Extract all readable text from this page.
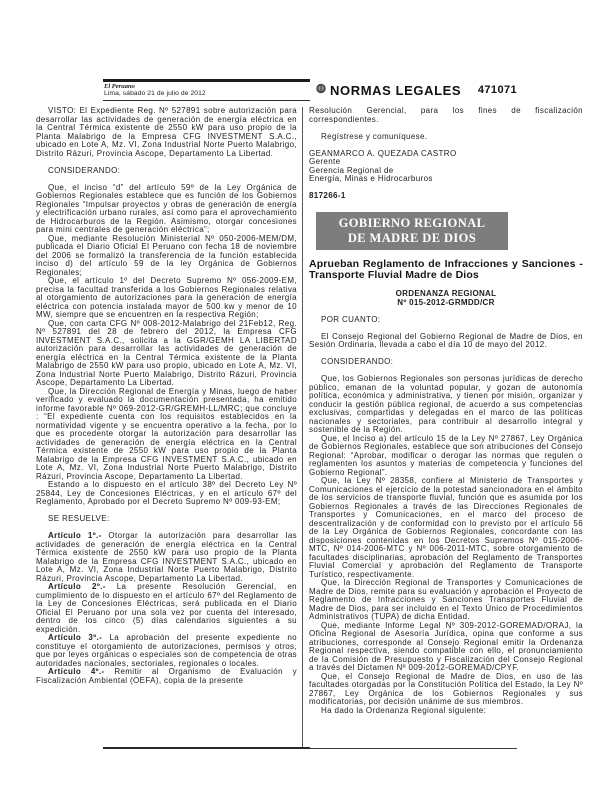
El Peruano
Lima, sábado 21 de julio de 2012	NORMAS LEGALES	471071

VISTO: El Expediente Reg. Nº 527891 sobre autorización para desarrollar las actividades de generación de energía eléctrica en la Central Térmica existente de 2550 kW para uso propio de la Planta Malabrigo de la Empresa CFG INVESTMENT S.A.C., ubicado en Lote A, Mz. VI, Zona Industrial Norte Puerto Malabrigo, Distrito Rázuri, Provincia Ascope, Departamento La Libertad.

CONSIDERANDO:

Que, el inciso “d” del artículo 59º de la Ley Orgánica de Gobiernos Regionales establece que es función de los Gobiernos Regionales “Impulsar proyectos y obras de generación de energía y electrificación urbano rurales, así como para el aprovechamiento de Hidrocarburos de la Región. Asimismo, otorgar concesiones para mini centrales de generación eléctrica”;

Que, mediante Resolución Ministerial Nº 050-2006-MEM/DM, publicada el Diario Oficial El Peruano con fecha 18 de noviembre del 2006 se formalizó la transferencia de la función establecida inciso d) del artículo 59 de la ley Orgánica de Gobiernos Regionales;

Que, el artículo 1º del Decreto Supremo Nº 056-2009-EM, precisa la facultad transferida a los Gobiernos Regionales relativa al otorgamiento de autorizaciones para la generación de energía eléctrica con potencia instalada mayor de 500 kw y menor de 10 MW, siempre que se encuentren en la respectiva Región;

Que, con carta CFG Nº 008-2012-Malabrigo del 21Feb12, Reg. Nº 527891 del 28 de febrero del 2012, la Empresa CFG INVESTMENT S.A.C., solicita a la GGR/GEMH LA LIBERTAD autorización para desarrollar las actividades de generación de energía eléctrica en la Central Térmica existente de la Planta Malabrigo de 2550 kW para uso propio, ubicado en Lote A, Mz. VI, Zona Industrial Norte Puerto Malabrigo, Distrito Rázuri, Provincia Ascope, Departamento La Libertad.

Que, la Dirección Regional de Energía y Minas, luego de haber verificado y evaluado la documentación presentada, ha emitido informe favorable Nº 069-2012-GR/GREMH-LL/MRC; que concluye : “El expediente cuenta con los requisitos establecidos en la normatividad vigente y se encuentra operativo a la fecha, por lo que es procedente otorgar la autorización para desarrollar las actividades de generación de energía eléctrica en la Central Térmica existente de 2550 kW para uso propio de la Planta Malabrigo de la Empresa CFG INVESTMENT S.A.C., ubicado en Lote A, Mz. VI, Zona Industrial Norte Puerto Malabrigo, Distrito Rázuri, Provincia Ascope, Departamento La Libertad.

Estando a lo dispuesto en el artículo 38º del Decreto Ley Nº 25844, Ley de Concesiones Eléctricas, y en el artículo 67º del Reglamento, Aprobado por el Decreto Supremo Nº 009-93-EM;

SE RESUELVE:

Artículo 1º.- Otorgar la autorización para desarrollar las actividades de generación de energía eléctrica en la Central Térmica existente de 2550 kW para uso propio de la Planta Malabrigo de la Empresa CFG INVESTMENT S.A.C., ubicado en Lote A, Mz. VI, Zona Industrial Norte Puerto Malabrigo, Distrito Rázuri, Provincia Ascope, Departamento La Libertad.

Artículo 2º.- La presente Resolución Gerencial, en cumplimiento de lo dispuesto en el artículo 67º del Reglamento de la Ley de Concesiones Eléctricas, será publicada en el Diario Oficial El Peruano por una sola vez por cuenta del interesado, dentro de los cinco (5) días calendarios siguientes a su expedición.

Artículo 3º.- La aprobación del presente expediente no constituye el otorgamiento de autorizaciones, permisos y otros, que por leyes orgánicas o especiales son de competencia de otras autoridades nacionales, sectoriales, regionales o locales.

Artículo 4º.- Remitir al Organismo de Evaluación y Fiscalización Ambiental (OEFA), copia de la presente

Resolución Gerencial, para los fines de fiscalización correspondientes.

Regístrese y comuníquese.

GEANMARCO A. QUEZADA CASTRO

Gerente

Gerencia Regional de

Energía, Minas e Hidrocarburos

817266-1

GOBIERNO REGIONAL
DE MADRE DE DIOS
Aprueban Reglamento de Infracciones y Sanciones - Transporte Fluvial Madre de Dios
ORDENANZA REGIONAL
Nº 015-2012-GRMDD/CR

POR CUANTO:

El Consejo Regional del Gobierno Regional de Madre de Dios, en Sesión Ordinaria, llevada a cabo el día 10 de mayo del 2012.

CONSIDERANDO:

Que, los Gobiernos Regionales son personas jurídicas de derecho público, emanan de la voluntad popular, y gozan de autonomía política, económica y administrativa, y tienen por misión, organizar y conducir la gestión pública regional, de acuerdo a sus competencias exclusivas, compartidas y delegadas en el marco de las políticas nacionales y sectoriales, para contribuir al desarrollo integral y sostenible de la Región.

Que, el Inciso a) del artículo 15 de la Ley Nº 27867, Ley Orgánica de Gobiernos Regionales, establece que son atribuciones del Consejo Regional: “Aprobar, modificar o derogar las normas que regulen o reglamenten los asuntos y materias de competencia y funciones del Gobierno Regional”.

Que, la Ley Nº 28358, confiere al Ministerio de Transportes y Comunicaciones el ejercicio de la potestad sancionadora en el ámbito de los servicios de transporte fluvial, función que es asumida por los Gobiernos Regionales a través de las Direcciones Regionales de Transportes y Comunicaciones, en el marco del proceso de descentralización y de conformidad con lo previsto por el artículo 56 de la Ley Orgánica de Gobiernos Regionales, concordante con las disposiciones contenidas en los Decretos Supremos Nº 015-2006-MTC, Nº 014-2006-MTC y Nº 006-2011-MTC, sobre otorgamiento de facultades disciplinarias, aprobación del Reglamento de Transportes Fluvial Comercial y aprobación del Reglamento de Transporte Turístico, respectivamente.

Que, la Dirección Regional de Transportes y Comunicaciones de Madre de Dios, remite para su evaluación y aprobación el Proyecto de Reglamento de Infracciones y Sanciones Transportes Fluvial de Madre de Dios, para ser incluido en el Texto Único de Procedimientos Administrativos (TUPA) de dicha Entidad.

Que, mediante Informe Legal Nº 309-2012-GOREMAD/ORAJ, la Oficina Regional de Asesoría Jurídica, opina que conforme a sus atribuciones, corresponde al Consejo Regional emitir la Ordenanza Regional respectiva, siendo compatible con ello, el pronunciamiento de la Comisión de Presupuesto y Fiscalización del Consejo Regional a través del Dictamen Nº 009-2012-GOREMAD/CPYF.

Que, el Consejo Regional de Madre de Dios, en uso de las facultades otorgadas por la Constitución Política del Estado, la Ley Nº 27867, Ley Orgánica de los Gobiernos Regionales y sus modificatorias, por decisión unánime de sus miembros.

Ha dado la Ordenanza Regional siguiente:
